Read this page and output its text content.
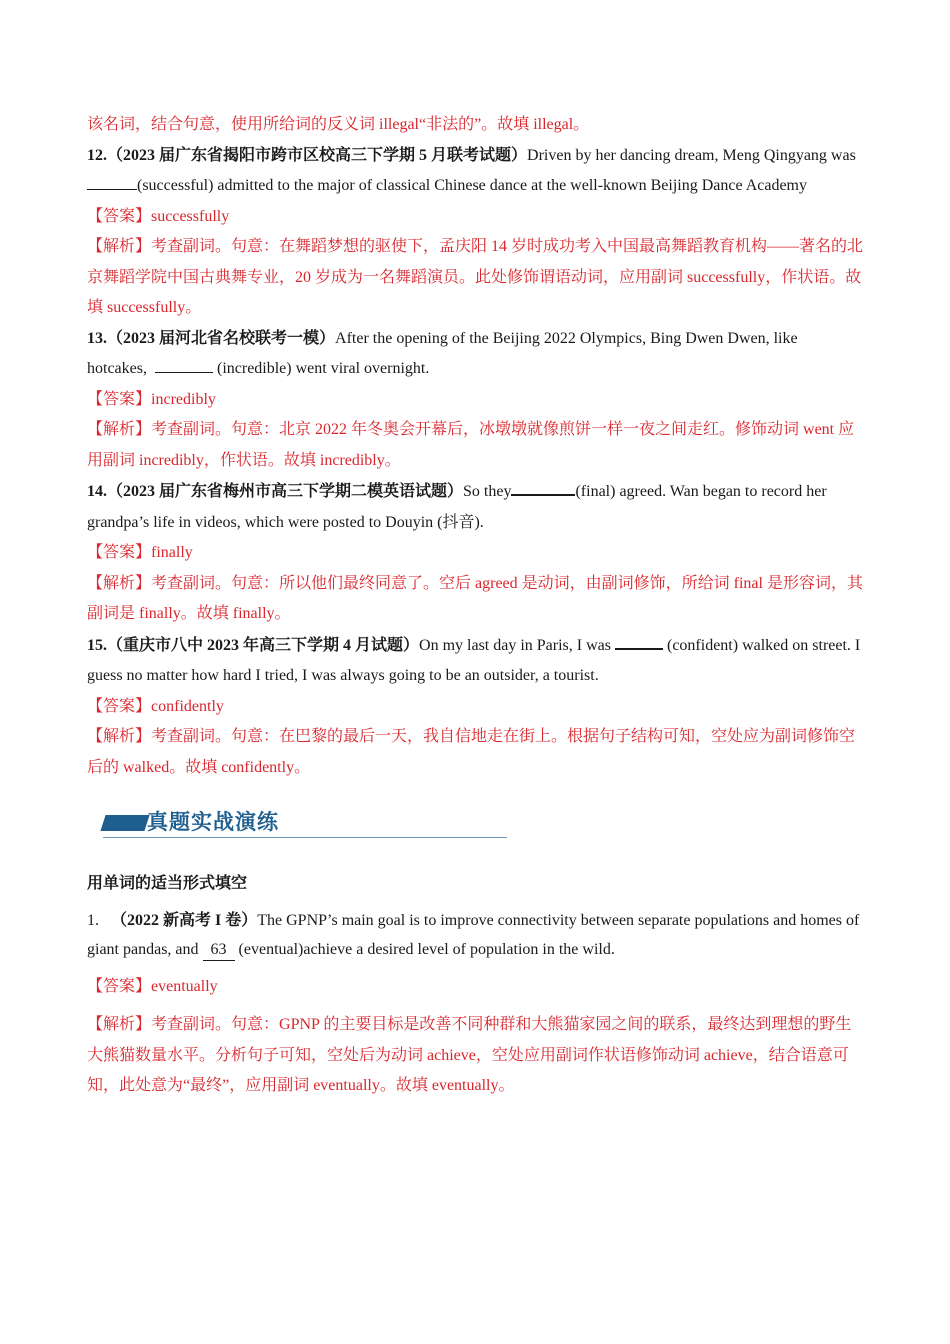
该名词，结合句意，使用所给词的反义词 illegal“非法的”。故填 illegal。

12.（2023 届广东省揭阳市跨市区校高三下学期 5 月联考试题）Driven by her dancing dream, Meng Qingyang was(successful) admitted to the major of classical Chinese dance at the well-known Beijing Dance Academy

【答案】successfully

【解析】考查副词。句意：在舞蹈梦想的驱使下，孟庆阳 14 岁时成功考入中国最高舞蹈教育机构——著名的北京舞蹈学院中国古典舞专业，20 岁成为一名舞蹈演员。此处修饰谓语动词，应用副词 successfully，作状语。故填 successfully。

13.（2023 届河北省名校联考一模）After the opening of the Beijing 2022 Olympics, Bing Dwen Dwen, like hotcakes,	(incredible) went viral overnight.

【答案】incredibly

【解析】考查副词。句意：北京 2022 年冬奥会开幕后，冰墩墩就像煎饼一样一夜之间走红。修饰动词 went 应用副词 incredibly，作状语。故填 incredibly。

14.（2023 届广东省梅州市高三下学期二模英语试题）So they	(final) agreed. Wan began to record her grandpa’s life in videos, which were posted to Douyin (抖音).

【答案】finally

【解析】考查副词。句意：所以他们最终同意了。空后 agreed 是动词，由副词修饰，所给词 final 是形容词，其副词是 finally。故填 finally。

15.（重庆市八中 2023 年高三下学期 4 月试题）On my last day in Paris, I was	(confident) walked on street. I guess no matter how hard I tried, I was always going to be an outsider, a tourist.

【答案】confidently

【解析】考查副词。句意：在巴黎的最后一天，我自信地走在街上。根据句子结构可知，空处应为副词修饰空后的 walked。故填 confidently。

真题实战演练

用单词的适当形式填空

1. （2022 新高考 I 卷）The GPNP’s main goal is to improve connectivity between separate populations and homes of giant pandas, and 63 (eventual)achieve a desired level of population in the wild.

【答案】eventually

【解析】考查副词。句意：GPNP 的主要目标是改善不同种群和大熊猫家园之间的联系，最终达到理想的野生大熊猫数量水平。分析句子可知，空处后为动词 achieve，空处应用副词作状语修饰动词 achieve，结合语意可知，此处意为“最终”，应用副词 eventually。故填 eventually。
